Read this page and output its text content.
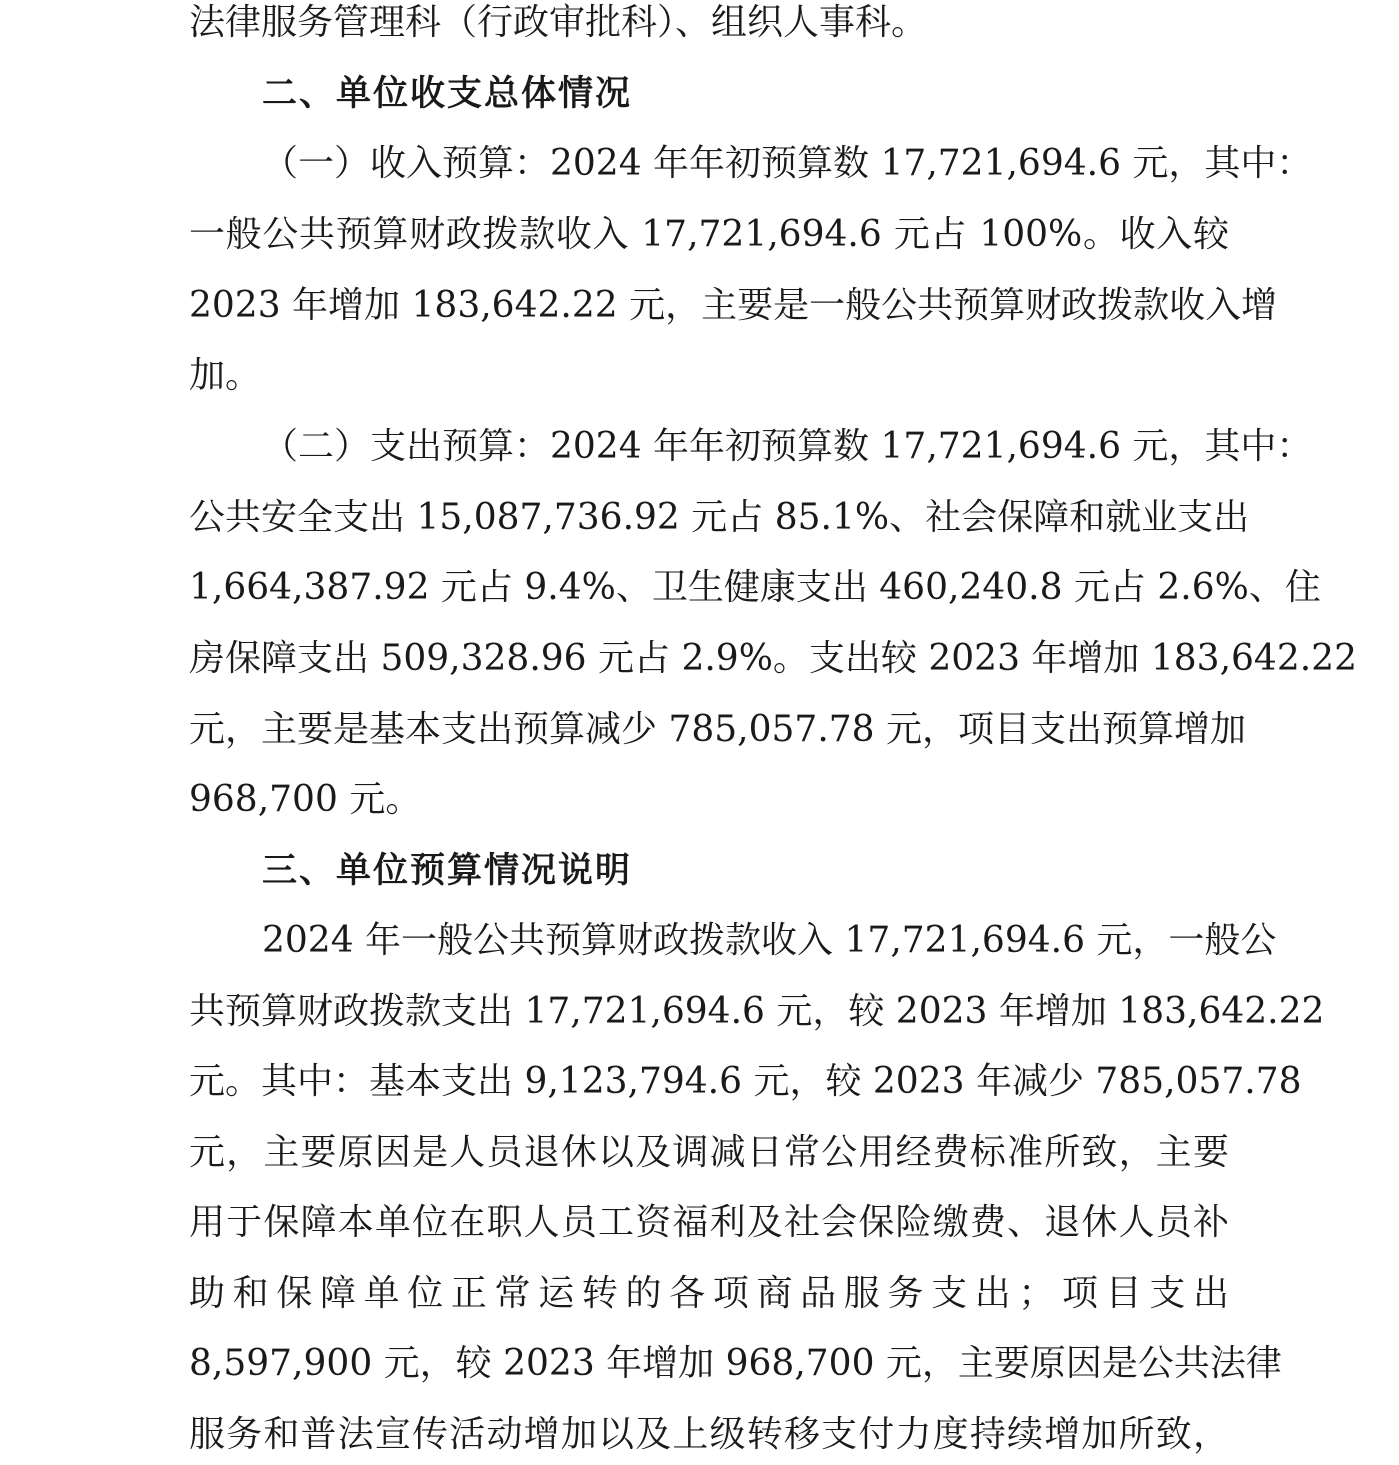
法律服务管理科（行政审批科）、组织人事科。
二、单位收支总体情况
（一）收入预算：2024 年年初预算数 17,721,694.6 元，其中：
一般公共预算财政拨款收入 17,721,694.6 元占 100%。收入较
2023 年增加 183,642.22 元，主要是一般公共预算财政拨款收入增
加。
（二）支出预算：2024 年年初预算数 17,721,694.6 元，其中：
公共安全支出 15,087,736.92 元占 85.1%、社会保障和就业支出
1,664,387.92 元占 9.4%、卫生健康支出 460,240.8 元占 2.6%、住
房保障支出 509,328.96 元占 2.9%。支出较 2023 年增加 183,642.22
元，主要是基本支出预算减少 785,057.78 元，项目支出预算增加
968,700 元。
三、单位预算情况说明
2024 年一般公共预算财政拨款收入 17,721,694.6 元，一般公
共预算财政拨款支出 17,721,694.6 元，较 2023 年增加 183,642.22
元。其中：基本支出 9,123,794.6 元，较 2023 年减少 785,057.78
元，主要原因是人员退休以及调减日常公用经费标准所致，主要
用于保障本单位在职人员工资福利及社会保险缴费、退休人员补
助和保障单位正常运转的各项商品服务支出；项目支出
8,597,900 元，较 2023 年增加 968,700 元，主要原因是公共法律
服务和普法宣传活动增加以及上级转移支付力度持续增加所致，
